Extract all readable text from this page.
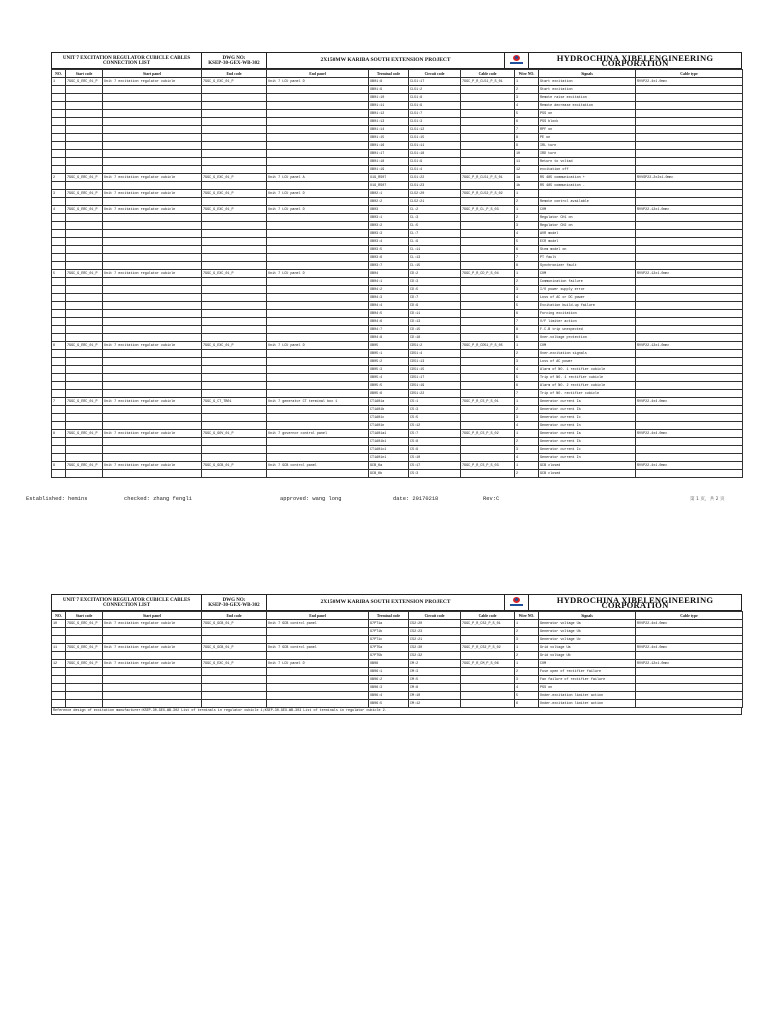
UNIT 7 EXCITATION REGULATOR CUBICLE CABLES
CONNECTION LIST
DWG NO:
KSEP-30-GEX-WB-302	2X150MW KARIBA SOUTH EXTENSION PROJECT	HYDROCHINA XIBEI ENGINEERING CORPORATION
NO.	Start code	Start panel	End code	End panel	Terminal code	Circuit code	Cable code	Wire NO.	Signals	Cable type
1	7GGC_G_ERC_01_P	Unit 7 excitation regulator cubicle	7GGC_G_EXC_01_P	Unit 7 LCU panel D	XB01:8	CL51:17	7GGC_P_R_CL51_P_S_01	1	Start excitation	RVVP22-4x1.0mm²
					XB01:9	CL51:2		2	Start excitation	
					XB01:10	CL51:8		3	Remote raise excitation	
					XB01:11	CL51:9		4	Remote decrease excitation	
					XB01:12	CL51:7		5	PSS on	
					XB01:13	CL51:3		6	PSS block	
					XB01:14	CL51:12		7	RPF on	
					XB01:15	CL51:15		8	PE on	
					XB01:16	CL51:11		9	IRL turn	
					XB01:17	CL51:18		10	IRD turn	
					XB01:18	CL51:9		11	Return to voltad	
					XB01:19	CL51:4		12	excitation off	
2	7GGC_G_ERC_01_P	Unit 7 excitation regulator cubicle	7GGC_G_EXC_01_P	Unit 7 LCU panel A	X19_RS07	CL51:22	7GGC_P_R_CL51_P_S_01	1a	RS 485 communication +	RVVSP22-2x2x1.0mm²
					X19_RS07	CL51:23		1b	RS 485 communication -	
3	7GGC_G_ERC_01_P	Unit 7 excitation regulator cubicle	7GGC_G_EXC_01_P	Unit 7 LCU panel D	XB02:1	CL52:20	7GGC_P_R_CL52_P_S_02	1		
					XB02:2	CL52:21		2	Remote control available	
4	7GGC_G_ERC_01_P	Unit 7 excitation regulator cubicle	7GGC_G_EXC_01_P	Unit 7 LCU panel D	XB03	CL:2	7GGC_P_R_CL_P_S_03	1	COM	RVVP22-12x1.0mm²
					XB03:1	CL:3		2	Regulator CH1 on	
					XB03:2	CL:5		3	Regulator CH2 on	
					XB03:3	CL:7		4	AVR model	
					XB03:4	CL:9		5	ECR model	
					XB03:5	CL:11		6	Stem model on	
					XB03:6	CL:13		7	PT fault	
					XB03:7	CL:15		8	Synchronizer fault	
5	7GGC_G_ERC_01_P	Unit 7 excitation regulator cubicle	7GGC_G_EXC_01_P	Unit 7 LCU panel D	XB04	CD:2	7GGC_P_R_CD_P_S_04	1	COM	RVVP22-12x1.0mm²
					XB04:1	CD:3		2	Communication failure	
					XB04:2	CD:5		3	I/O power supply error	
					XB04:3	CD:7		4	Loss of AC or DC power	
					XB04:4	CD:9		5	Excitation build-up failure	
					XB04:5	CD:11		6	Forcing excitation	
					XB04:6	CD:13		7	V/F limiter action	
					XB04:7	CD:15		8	F.C.B trip unexpected	
					XB04:8	CD:18		9	Over-voltage protection	
6	7GGC_G_ERC_01_P	Unit 7 excitation regulator cubicle	7GGC_G_EXC_01_P	Unit 7 LCU panel D	XB05	CD51:2	7GGC_P_R_CD51_P_S_05	1	COM	RVVP22-12x1.0mm²
					XB05:1	CD51:4		2	Over-excitation signals	
					XB05:2	CD51:13		3	Loss of AC power	
					XB05:3	CD51:15		4	Alarm of NO. 1 rectifier cubicle	
					XB05:4	CD51:17		5	Trip of NO. 1 rectifier cubicle	
					XB05:5	CD51:19		6	Alarm of NO. 2 rectifier cubicle	
					XB05:6	CD51:22		7	Trip of NO. rectifier cubicle	
7	7GGC_G_ERC_01_P	Unit 7 excitation regulator cubicle	7GGC_G_CT_TB01	Unit 7 generator CT terminal box 1	CT1A01a	CS:1	7GGC_P_R_CS_P_S_01	1	Generator current Ia	RVVP22-4x4.0mm²
					CT1A01b	CS:3		2	Generator current Ib	
					CT1A01c	CS:5		3	Generator current Ic	
					CT1A01n	CS:12		4	Generator current In	
8	7GGC_G_ERC_01_P	Unit 7 excitation regulator cubicle	7GGC_G_GOV_01_P	Unit 7 governor control panel	CT1A01a1	CS:7	7GGC_P_R_CS_P_S_02	1	Generator current Ia	RVVP22-4x4.0mm²
					CT1A01b1	CS:8		2	Generator current Ib	
					CT1A01c1	CS:9		3	Generator current Ic	
					CT1A01n1	CS:10		4	Generator current In	
9	7GGC_G_ERC_01_P	Unit 7 excitation regulator cubicle	7GGC_G_GCB_01_P	Unit 7 GCB control panel	GCB_Ka	CS:17	7GGC_P_R_CS_P_S_03	1	GCB closed	RVVP22-4x1.0mm²
					GCB_Kb	CS:3		2	GCB closed	
Established: hemins	checked: zhang fengli	approved: wang long	date: 20170218	Rev:C	第 1 页，共 2 页
UNIT 7 EXCITATION REGULATOR CUBICLE CABLES
CONNECTION LIST
DWG NO:
KSEP-30-GEX-WB-302	2X150MW KARIBA SOUTH EXTENSION PROJECT	HYDROCHINA XIBEI ENGINEERING CORPORATION
NO.	Start code	Start panel	End code	End panel	Terminal code	Circuit code	Cable code	Wire NO.	Signals	Cable type
10	7GGC_G_ERC_01_P	Unit 7 excitation regulator cubicle	7GGC_G_GCB_01_P	Unit 7 GCB control panel	G7PT1a	CS2:20	7GGC_P_R_CS2_P_S_01	1	Generator voltage Ua	RVVP22-4x4.0mm²
					G7PT1b	CS2:23		2	Generator voltage Ub	
					G7PT1c	CS2:21		3	Generator voltage Uc	
11	7GGC_G_ERC_01_P	Unit 7 excitation regulator cubicle	7GGC_G_GCB_01_P	Unit 7 GCB control panel	G7PT5a	CS2:30	7GGC_P_R_CS2_P_S_02	1	Grid voltage Ua	RVVP22-4x4.0mm²
					G7PT5b	CS2:32		2	Grid voltage Ub	
12	7GGC_G_ERC_01_P	Unit 7 excitation regulator cubicle	7GGC_G_EXC_01_P	Unit 7 LCU panel D	XB06	CM:2	7GGC_P_R_CM_P_S_06	1	COM	RVVP22-12x1.0mm²
					XB06:1	CM:3		2	Fuse open of rectifier failure	
					XB06:2	CM:5		3	Fan failure of rectifier failure	
					XB06:3	CM:8		4	PSS on	
					XB06:4	CM:10		5	Under-excitation limiter action	
					XB06:5	CM:12		6	Under-excitation limiter action	
Reference design of excitation manufacturer:KSEP-30-GEX-WB-302 List of terminals in regulator cubicle 1;KSEP-30-GEX-WB-303 List of terminals in regulator cubicle 2.
